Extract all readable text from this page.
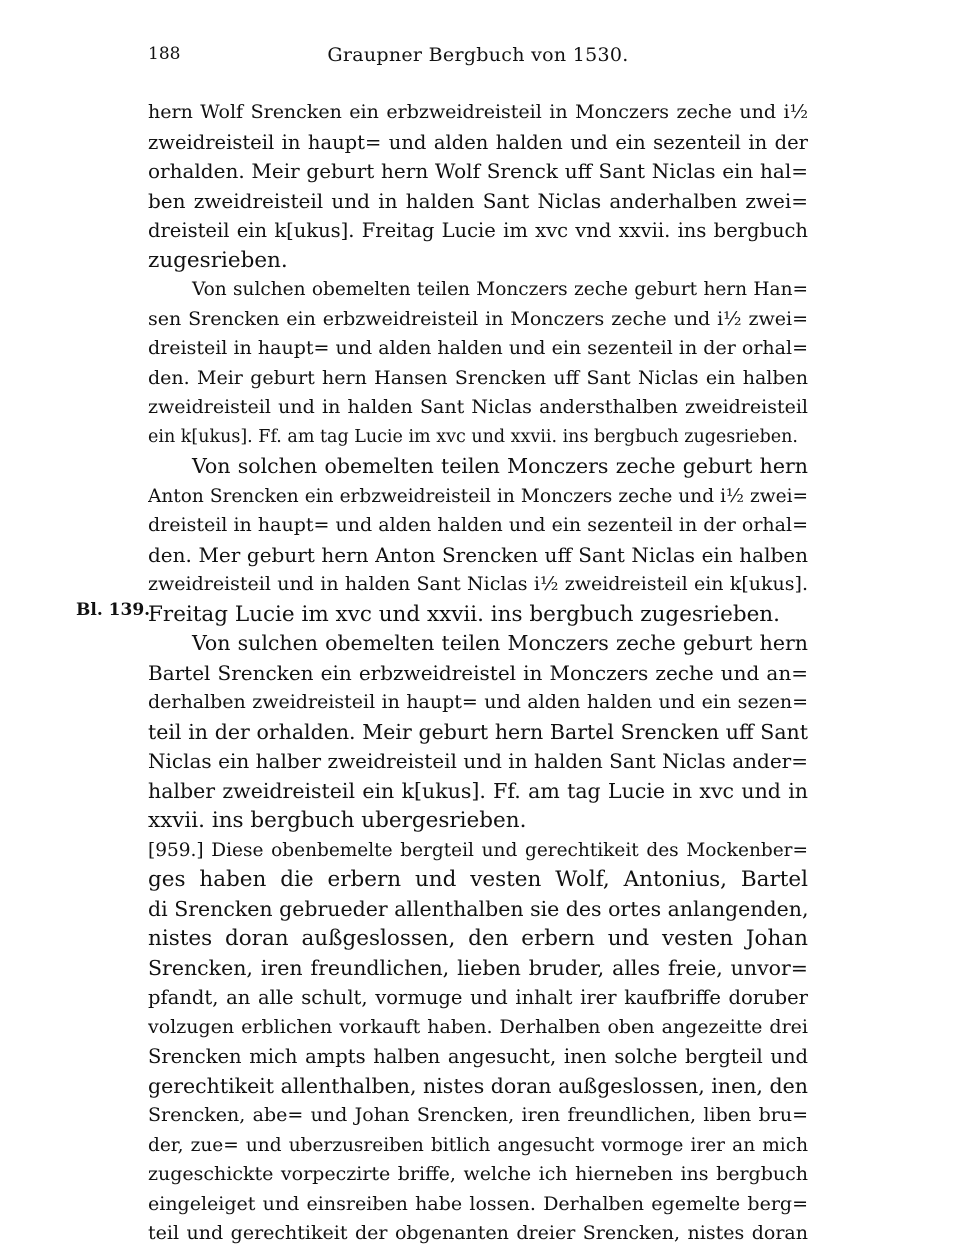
188	Graupner Bergbuch von 1530.
Bl. 139.
hern Wolf Srencken ein erbzweidreisteil in Monczers zeche und i½
zweidreisteil in haupt= und alden halden und ein sezenteil in der
orhalden. Meir geburt hern Wolf Srenck uff Sant Niclas ein hal=
ben zweidreisteil und in halden Sant Niclas anderhalben zwei=
dreisteil ein k[ukus]. Freitag Lucie im xvc vnd xxvii. ins bergbuch
zugesrieben.
Von sulchen obemelten teilen Monczers zeche geburt hern Han=
sen Srencken ein erbzweidreisteil in Monczers zeche und i½ zwei=
dreisteil in haupt= und alden halden und ein sezenteil in der orhal=
den. Meir geburt hern Hansen Srencken uff Sant Niclas ein halben
zweidreisteil und in halden Sant Niclas andersthalben zweidreisteil
ein k[ukus]. Ff. am tag Lucie im xvc und xxvii. ins bergbuch zugesrieben.
Von solchen obemelten teilen Monczers zeche geburt hern
Anton Srencken ein erbzweidreisteil in Monczers zeche und i½ zwei=
dreisteil in haupt= und alden halden und ein sezenteil in der orhal=
den. Mer geburt hern Anton Srencken uff Sant Niclas ein halben
zweidreisteil und in halden Sant Niclas i½ zweidreisteil ein k[ukus].
Freitag Lucie im xvc und xxvii. ins bergbuch zugesrieben.
Von sulchen obemelten teilen Monczers zeche geburt hern
Bartel Srencken ein erbzweidreistel in Monczers zeche und an=
derhalben zweidreisteil in haupt= und alden halden und ein sezen=
teil in der orhalden. Meir geburt hern Bartel Srencken uff Sant
Niclas ein halber zweidreisteil und in halden Sant Niclas ander=
halber zweidreisteil ein k[ukus]. Ff. am tag Lucie in xvc und in
xxvii. ins bergbuch ubergesrieben.
[959.] Diese obenbemelte bergteil und gerechtikeit des Mockenber=
ges haben die erbern und vesten Wolf, Antonius, Bartel
di Srencken gebrueder allenthalben sie des ortes anlangenden,
nistes doran außgeslossen, den erbern und vesten Johan
Srencken, iren freundlichen, lieben bruder, alles freie, unvor=
pfandt, an alle schult, vormuge und inhalt irer kaufbriffe doruber
volzugen erblichen vorkauft haben. Derhalben oben angezeitte drei
Srencken mich ampts halben angesucht, inen solche bergteil und
gerechtikeit allenthalben, nistes doran außgeslossen, inen, den
Srencken, abe= und Johan Srencken, iren freundlichen, liben bru=
der, zue= und uberzusreiben bitlich angesucht vormoge irer an mich
zugeschickte vorpeczirte briffe, welche ich hierneben ins bergbuch
eingeleiget und einsreiben habe lossen. Derhalben egemelte berg=
teil und gerechtikeit der obgenanten dreier Srencken, nistes doran
